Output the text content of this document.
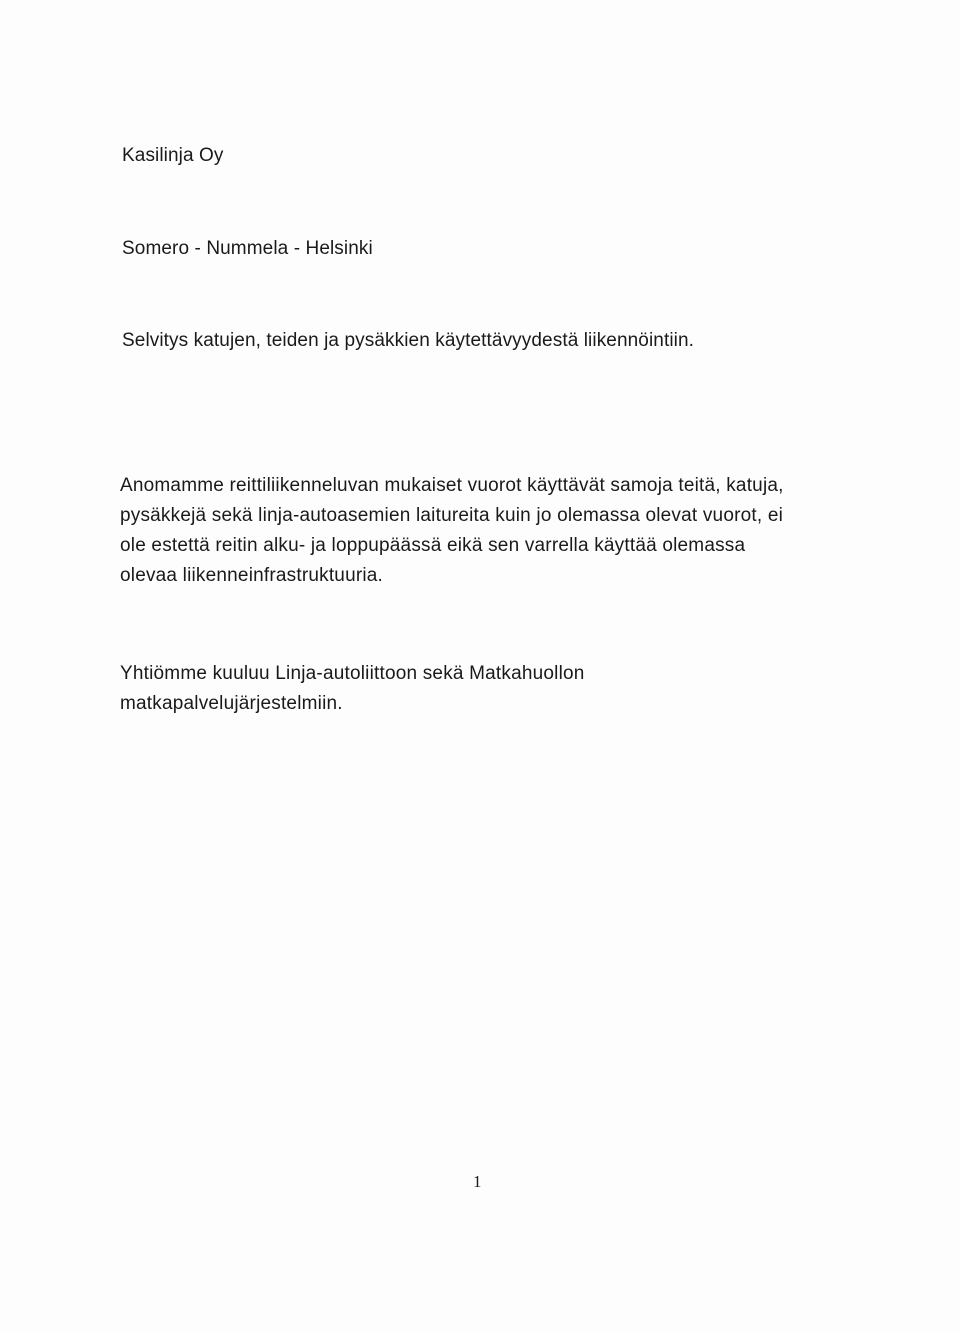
Kasilinja Oy
Somero - Nummela - Helsinki
Selvitys katujen, teiden ja pysäkkien käytettävyydestä liikennöintiin.
Anomamme reittiliikenneluvan mukaiset vuorot käyttävät samoja teitä, katuja,
pysäkkejä sekä linja-autoasemien laitureita kuin jo olemassa olevat vuorot, ei
ole estettä reitin alku- ja loppupäässä eikä sen varrella käyttää olemassa
olevaa liikenneinfrastruktuuria.
Yhtiömme kuuluu Linja-autoliittoon sekä Matkahuollon
matkapalvelujärjestelmiin.
1
